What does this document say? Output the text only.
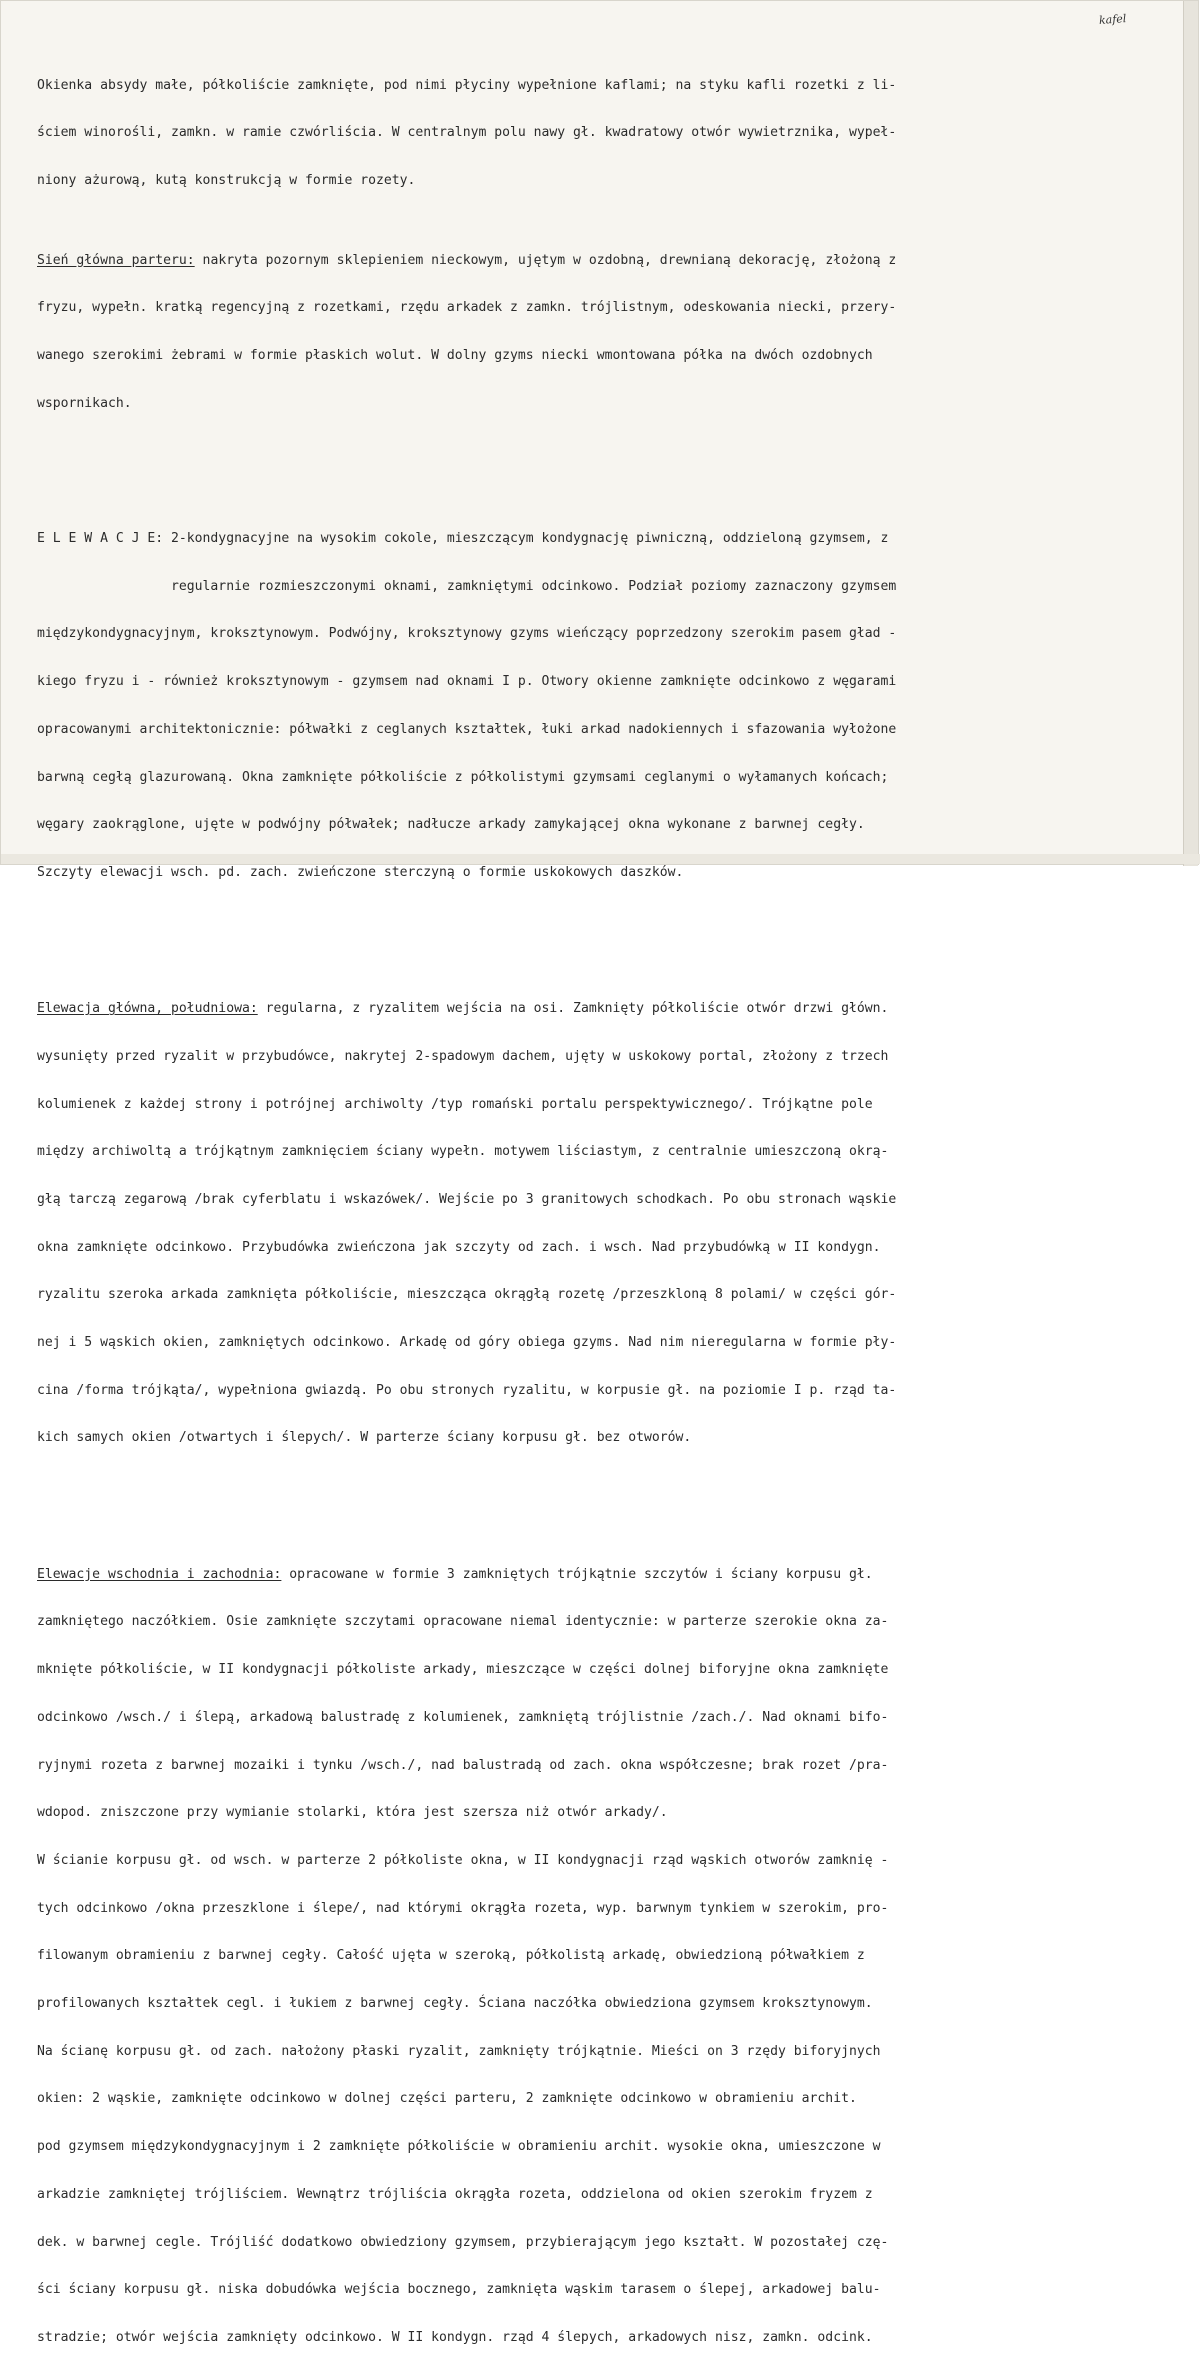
kafel

Okienka absydy małe, półkoliście zamknięte, pod nimi płyciny wypełnione kaflami; na styku kafli rozetki z li-

ściem winorośli, zamkn. w ramie czwórliścia. W centralnym polu nawy gł. kwadratowy otwór wywietrznika, wypeł-

niony ażurową, kutą konstrukcją w formie rozety.

Sień główna parteru: nakryta pozornym sklepieniem nieckowym, ujętym w ozdobną, drewnianą dekorację, złożoną z

fryzu, wypełn. kratką regencyjną z rozetkami, rzędu arkadek z zamkn. trójlistnym, odeskowania niecki, przery-

wanego szerokimi żebrami w formie płaskich wolut. W dolny gzyms niecki wmontowana półka na dwóch ozdobnych

wspornikach.

E L E W A C J E: 2-kondygnacyjne na wysokim cokole, mieszczącym kondygnację piwniczną, oddzieloną gzymsem, z

regularnie rozmieszczonymi oknami, zamkniętymi odcinkowo. Podział poziomy zaznaczony gzymsem

międzykondygnacyjnym, kroksztynowym. Podwójny, kroksztynowy gzyms wieńczący poprzedzony szerokim pasem gład -

kiego fryzu i - również kroksztynowym - gzymsem nad oknami I p. Otwory okienne zamknięte odcinkowo z węgarami

opracowanymi architektonicznie: półwałki z ceglanych kształtek, łuki arkad nadokiennych i sfazowania wyłożone

barwną cegłą glazurowaną. Okna zamknięte półkoliście z półkolistymi gzymsami ceglanymi o wyłamanych końcach;

węgary zaokrąglone, ujęte w podwójny półwałek; nadłucze arkady zamykającej okna wykonane z barwnej cegły.

Szczyty elewacji wsch. pd. zach. zwieńczone sterczyną o formie uskokowych daszków.

Elewacja główna, południowa: regularna, z ryzalitem wejścia na osi. Zamknięty półkoliście otwór drzwi główn.

wysunięty przed ryzalit w przybudówce, nakrytej 2-spadowym dachem, ujęty w uskokowy portal, złożony z trzech

kolumienek z każdej strony i potrójnej archiwolty /typ romański portalu perspektywicznego/. Trójkątne pole

między archiwoltą a trójkątnym zamknięciem ściany wypełn. motywem liściastym, z centralnie umieszczoną okrą-

głą tarczą zegarową /brak cyferblatu i wskazówek/. Wejście po 3 granitowych schodkach. Po obu stronach wąskie

okna zamknięte odcinkowo. Przybudówka zwieńczona jak szczyty od zach. i wsch. Nad przybudówką w II kondygn.

ryzalitu szeroka arkada zamknięta półkoliście, mieszcząca okrągłą rozetę /przeszkloną 8 polami/ w części gór-

nej i 5 wąskich okien, zamkniętych odcinkowo. Arkadę od góry obiega gzyms. Nad nim nieregularna w formie pły-

cina /forma trójkąta/, wypełniona gwiazdą. Po obu stronych ryzalitu, w korpusie gł. na poziomie I p. rząd ta-

kich samych okien /otwartych i ślepych/. W parterze ściany korpusu gł. bez otworów.

Elewacje wschodnia i zachodnia: opracowane w formie 3 zamkniętych trójkątnie szczytów i ściany korpusu gł.

zamkniętego naczółkiem. Osie zamknięte szczytami opracowane niemal identycznie: w parterze szerokie okna za-

mknięte półkoliście, w II kondygnacji półkoliste arkady, mieszczące w części dolnej biforyjne okna zamknięte

odcinkowo /wsch./ i ślepą, arkadową balustradę z kolumienek, zamkniętą trójlistnie /zach./. Nad oknami bifo-

ryjnymi rozeta z barwnej mozaiki i tynku /wsch./, nad balustradą od zach. okna współczesne; brak rozet /pra-

wdopod. zniszczone przy wymianie stolarki, która jest szersza niż otwór arkady/.

W ścianie korpusu gł. od wsch. w parterze 2 półkoliste okna, w II kondygnacji rząd wąskich otworów zamknię -

tych odcinkowo /okna przeszklone i ślepe/, nad którymi okrągła rozeta, wyp. barwnym tynkiem w szerokim, pro-

filowanym obramieniu z barwnej cegły. Całość ujęta w szeroką, półkolistą arkadę, obwiedzioną półwałkiem z

profilowanych kształtek cegl. i łukiem z barwnej cegły. Ściana naczółka obwiedziona gzymsem kroksztynowym.

Na ścianę korpusu gł. od zach. nałożony płaski ryzalit, zamknięty trójkątnie. Mieści on 3 rzędy biforyjnych

okien: 2 wąskie, zamknięte odcinkowo w dolnej części parteru, 2 zamknięte odcinkowo w obramieniu archit.

pod gzymsem międzykondygnacyjnym i 2 zamknięte półkoliście w obramieniu archit. wysokie okna, umieszczone w

arkadzie zamkniętej trójliściem. Wewnątrz trójliścia okrągła rozeta, oddzielona od okien szerokim fryzem z

dek. w barwnej cegle. Trójliść dodatkowo obwiedziony gzymsem, przybierającym jego kształt. W pozostałej czę-

ści ściany korpusu gł. niska dobudówka wejścia bocznego, zamknięta wąskim tarasem o ślepej, arkadowej balu-

stradzie; otwór wejścia zamknięty odcinkowo. W II kondygn. rząd 4 ślepych, arkadowych nisz, zamkn. odcink.
